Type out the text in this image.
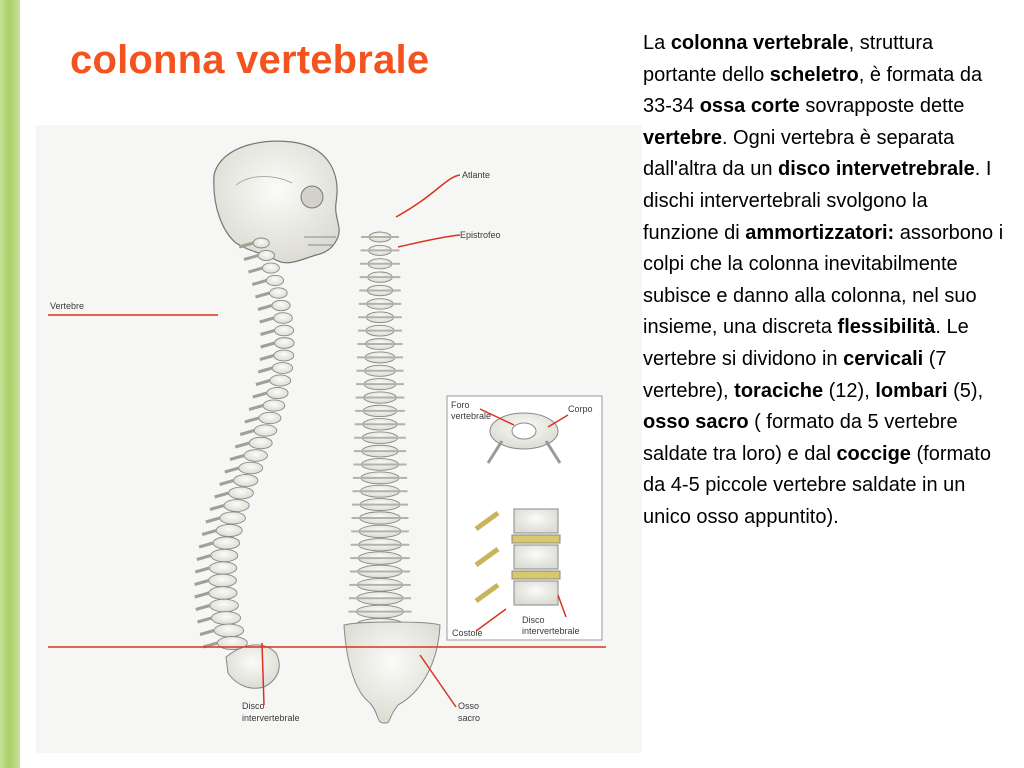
colonna vertebrale
Atlante
Epistrofeo
Vertebre
Disco
intervertebrale
Osso
sacro
Foro
vertebrale
Corpo
Costole
Disco
intervertebrale

La colonna vertebrale, struttura portante dello scheletro, è formata da 33-34 ossa corte sovrapposte dette vertebre. Ogni vertebra è separata dall'altra da un disco intervetrebrale. I dischi intervertebrali svolgono la funzione di ammortizzatori: assorbono i colpi che la colonna inevitabilmente subisce e danno alla colonna, nel suo insieme, una discreta flessibilità. Le vertebre si dividono in cervicali (7 vertebre), toraciche (12), lombari (5), osso sacro ( formato da 5 vertebre saldate tra loro) e dal coccige (formato da 4-5 piccole vertebre saldate in un unico osso appuntito).
